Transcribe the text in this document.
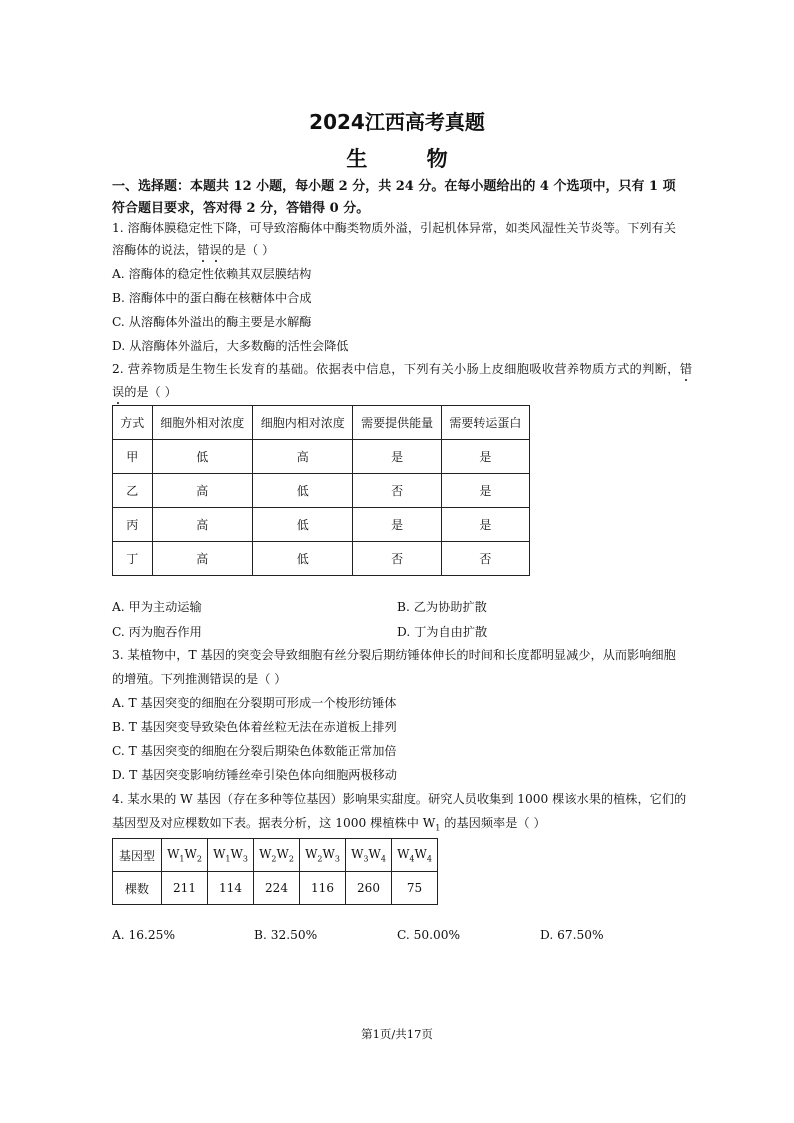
2024江西高考真题
生 物
一、选择题：本题共 12 小题，每小题 2 分，共 24 分。在每小题给出的 4 个选项中，只有 1 项
符合题目要求，答对得 2 分，答错得 0 分。
1. 溶酶体膜稳定性下降，可导致溶酶体中酶类物质外溢，引起机体异常，如类风湿性关节炎等。下列有关
溶酶体的说法，错误的是（ ）
A. 溶酶体的稳定性依赖其双层膜结构
B. 溶酶体中的蛋白酶在核糖体中合成
C. 从溶酶体外溢出的酶主要是水解酶
D. 从溶酶体外溢后，大多数酶的活性会降低
2. 营养物质是生物生长发育的基础。依据表中信息，下列有关小肠上皮细胞吸收营养物质方式的判断，错
误的是（ ）
方式	细胞外相对浓度	细胞内相对浓度	需要提供能量	需要转运蛋白
甲	低	高	是	是
乙	高	低	否	是
丙	高	低	是	是
丁	高	低	否	否
A. 甲为主动运输	B. 乙为协助扩散
C. 丙为胞吞作用	D. 丁为自由扩散
3. 某植物中，T 基因的突变会导致细胞有丝分裂后期纺锤体伸长的时间和长度都明显减少，从而影响细胞
的增殖。下列推测错误的是（ ）
A. T 基因突变的细胞在分裂期可形成一个梭形纺锤体
B. T 基因突变导致染色体着丝粒无法在赤道板上排列
C. T 基因突变的细胞在分裂后期染色体数能正常加倍
D. T 基因突变影响纺锤丝牵引染色体向细胞两极移动
4. 某水果的 W 基因（存在多种等位基因）影响果实甜度。研究人员收集到 1000 棵该水果的植株，它们的
基因型及对应棵数如下表。据表分析，这 1000 棵植株中 $W_1$ 的基因频率是（ ）
基因型	$W_1W_2$	$W_1W_3$	$W_2W_2$	$W_2W_3$	$W_3W_4$	$W_4W_4$
棵数	211	114	224	116	260	75
A. 16.25%	B. 32.50%	C. 50.00%	D. 67.50%
第1页/共17页
